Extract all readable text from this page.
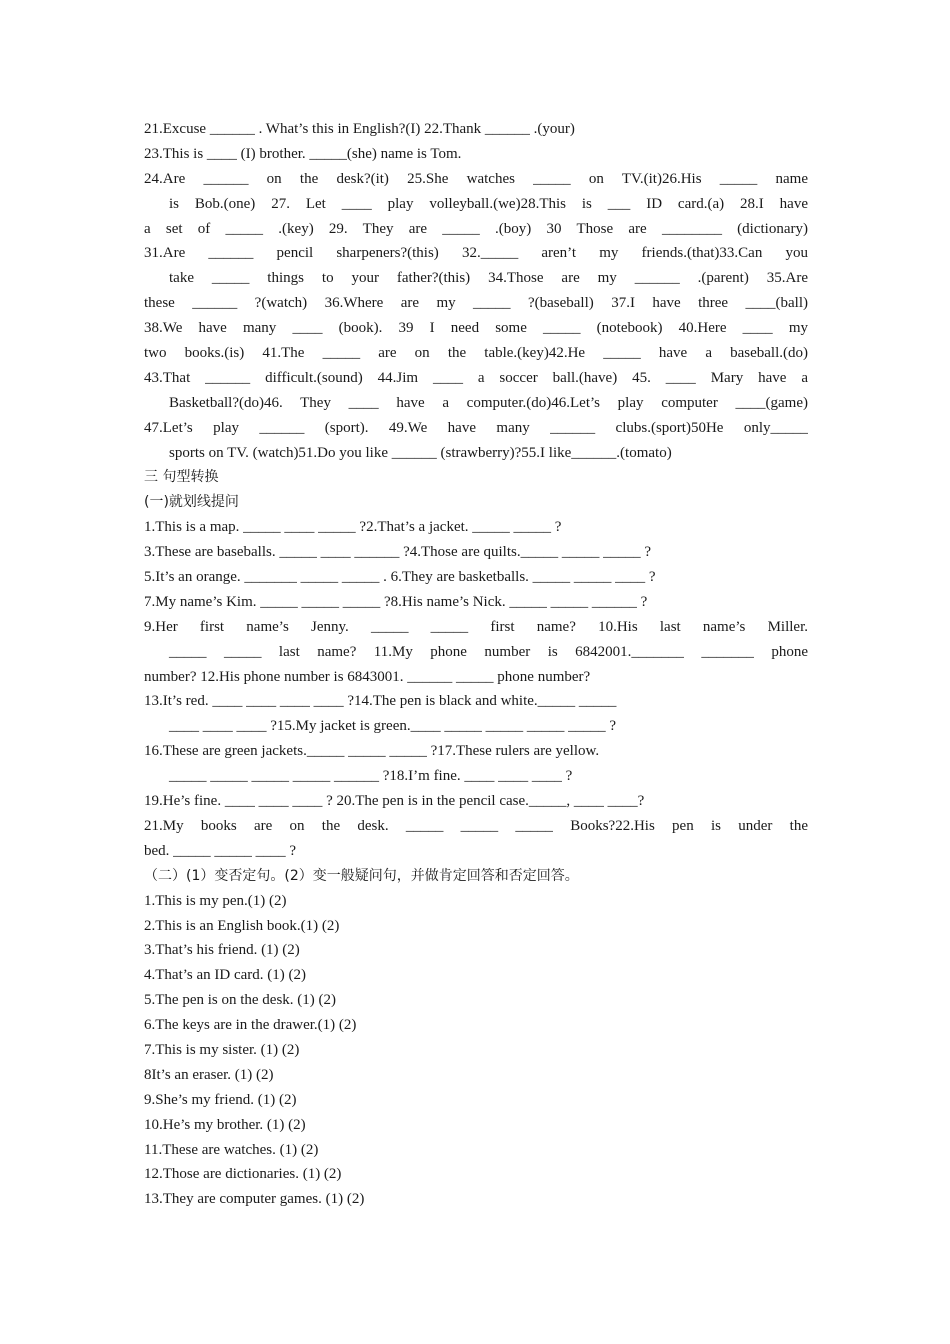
21.Excuse ______ . What’s this in English?(I) 22.Thank ______ .(your)
23.This is ____ (I) brother. _____(she) name is Tom.
24.Are ______ on the desk?(it) 25.She watches _____ on TV.(it)26.His _____ name
is Bob.(one) 27. Let ____ play volleyball.(we)28.This is ___ ID card.(a) 28.I have
a set of _____ .(key) 29. They are _____ .(boy) 30 Those are ________ (dictionary)
31.Are ______ pencil sharpeners?(this) 32._____ aren’t my friends.(that)33.Can you
take _____ things to your father?(this) 34.Those are my ______ .(parent) 35.Are
these ______ ?(watch) 36.Where are my _____ ?(baseball) 37.I have three ____(ball)
38.We have many ____ (book). 39 I need some _____ (notebook) 40.Here ____ my
two books.(is) 41.The _____ are on the table.(key)42.He _____ have a baseball.(do)
43.That ______ difficult.(sound) 44.Jim ____ a soccer ball.(have) 45. ____ Mary have a
Basketball?(do)46. They ____ have a computer.(do)46.Let’s play computer ____(game)
47.Let’s play ______ (sport). 49.We have many ______ clubs.(sport)50He only_____
sports on TV. (watch)51.Do you like ______ (strawberry)?55.I like______.(tomato)
三 句型转换
(一)就划线提问
1.This is a map. _____ ____ _____ ?2.That’s a jacket. _____ _____ ?
3.These are baseballs. _____ ____ ______ ?4.Those are quilts._____ _____ _____ ?
5.It’s an orange. _______ _____ _____ . 6.They are basketballs. _____ _____ ____ ?
7.My name’s Kim. _____ _____ _____ ?8.His name’s Nick. _____ _____ ______ ?
9.Her first name’s Jenny. _____ _____ first name? 10.His last name’s Miller.
_____ _____ last name? 11.My phone number is 6842001._______ _______ phone
number? 12.His phone number is 6843001. ______ _____ phone number?
13.It’s red. ____ ____ ____ ____ ?14.The pen is black and white._____ _____
____ ____ ____ ?15.My jacket is green.____ _____ _____ _____ _____ ?
16.These are green jackets._____ _____ _____ ?17.These rulers are yellow.
_____ _____ _____ _____ ______ ?18.I’m fine. ____ ____ ____ ?
19.He’s fine. ____ ____ ____ ? 20.The pen is in the pencil case._____, ____ ____?
21.My books are on the desk. _____ _____ _____ Books?22.His pen is under the
bed. _____ _____ ____ ?
（二）(1）变否定句。(2）变一般疑问句，并做肯定回答和否定回答。
1.This is my pen.(1) (2)
2.This is an English book.(1) (2)
3.That’s his friend. (1) (2)
4.That’s an ID card. (1) (2)
5.The pen is on the desk. (1) (2)
6.The keys are in the drawer.(1) (2)
7.This is my sister. (1) (2)
8It’s an eraser. (1) (2)
9.She’s my friend. (1) (2)
10.He’s my brother. (1) (2)
11.These are watches. (1) (2)
12.Those are dictionaries. (1) (2)
13.They are computer games. (1) (2)
